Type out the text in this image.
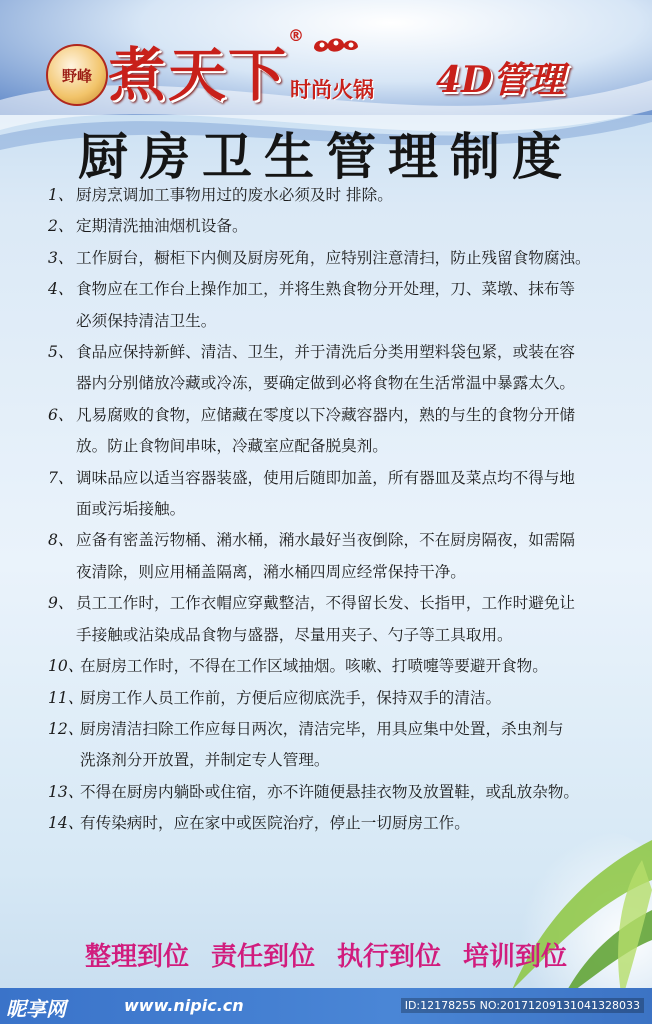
野峰 煮天下
®
时尚火锅 4D管理
厨房卫生管理制度
1、 厨房烹调加工事物用过的废水必须及时 排除。
2、 定期清洗抽油烟机设备。
3、 工作厨台，橱柜下内侧及厨房死角，应特别注意清扫，防止残留食物腐浊。
4、 食物应在工作台上操作加工，并将生熟食物分开处理，刀、菜墩、抹布等
必须保持清洁卫生。
5、 食品应保持新鲜、清洁、卫生，并于清洗后分类用塑料袋包紧，或装在容
器内分别储放冷藏或冷冻，要确定做到必将食物在生活常温中暴露太久。
6、 凡易腐败的食物，应储藏在零度以下冷藏容器内，熟的与生的食物分开储
放。防止食物间串味，冷藏室应配备脱臭剂。
7、 调味品应以适当容器装盛，使用后随即加盖，所有器皿及菜点均不得与地
面或污垢接触。
8、 应备有密盖污物桶、潲水桶，潲水最好当夜倒除，不在厨房隔夜，如需隔
夜清除，则应用桶盖隔离，潲水桶四周应经常保持干净。
9、 员工工作时，工作衣帽应穿戴整洁，不得留长发、长指甲，工作时避免让
手接触或沾染成品食物与盛器，尽量用夹子、勺子等工具取用。
10、
在厨房工作时，不得在工作区域抽烟。咳嗽、打喷嚏等要避开食物。
11、
厨房工作人员工作前，方便后应彻底洗手，保持双手的清洁。
12、
厨房清洁扫除工作应每日两次，清洁完毕，用具应集中处置，杀虫剂与
洗涤剂分开放置，并制定专人管理。
13、
不得在厨房内躺卧或住宿，亦不许随便悬挂衣物及放置鞋，或乱放杂物。
14、
有传染病时，应在家中或医院治疗，停止一切厨房工作。
整理到位 责任到位 执行到位 培训到位
昵享网	www.nipic.cn	ID:12178255 NO:20171209131041328033
